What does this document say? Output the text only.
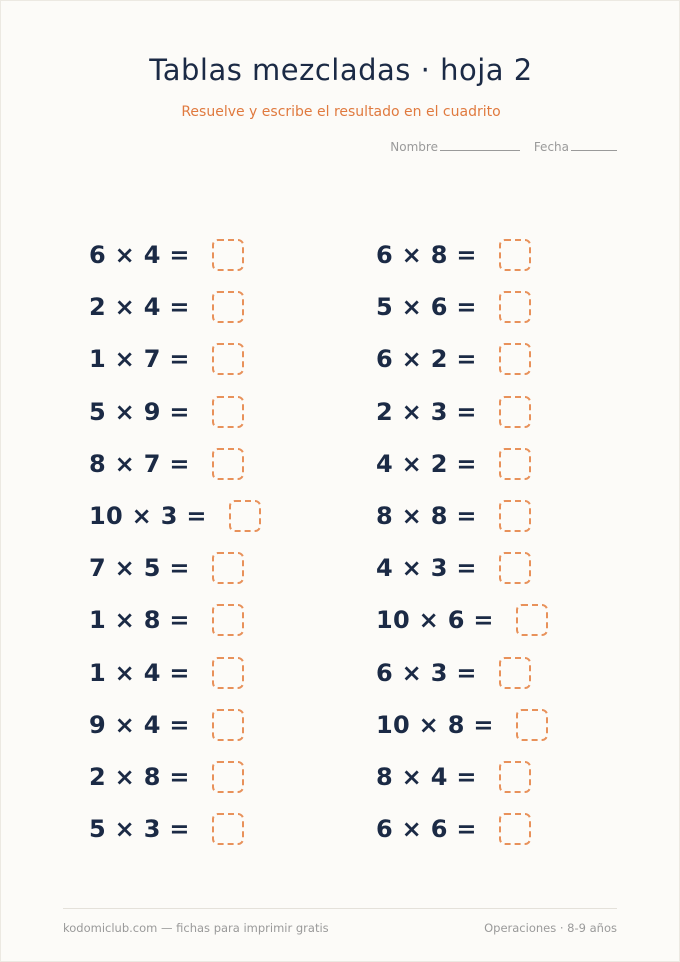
Tablas mezcladas · hoja 2
Resuelve y escribe el resultado en el cuadrito
Nombre	Fecha
6 × 4 =
2 × 4 =
1 × 7 =
5 × 9 =
8 × 7 =
10 × 3 =
7 × 5 =
1 × 8 =
1 × 4 =
9 × 4 =
2 × 8 =
5 × 3 =
6 × 8 =
5 × 6 =
6 × 2 =
2 × 3 =
4 × 2 =
8 × 8 =
4 × 3 =
10 × 6 =
6 × 3 =
10 × 8 =
8 × 4 =
6 × 6 =
kodomiclub.com — fichas para imprimir gratis	Operaciones · 8-9 años
